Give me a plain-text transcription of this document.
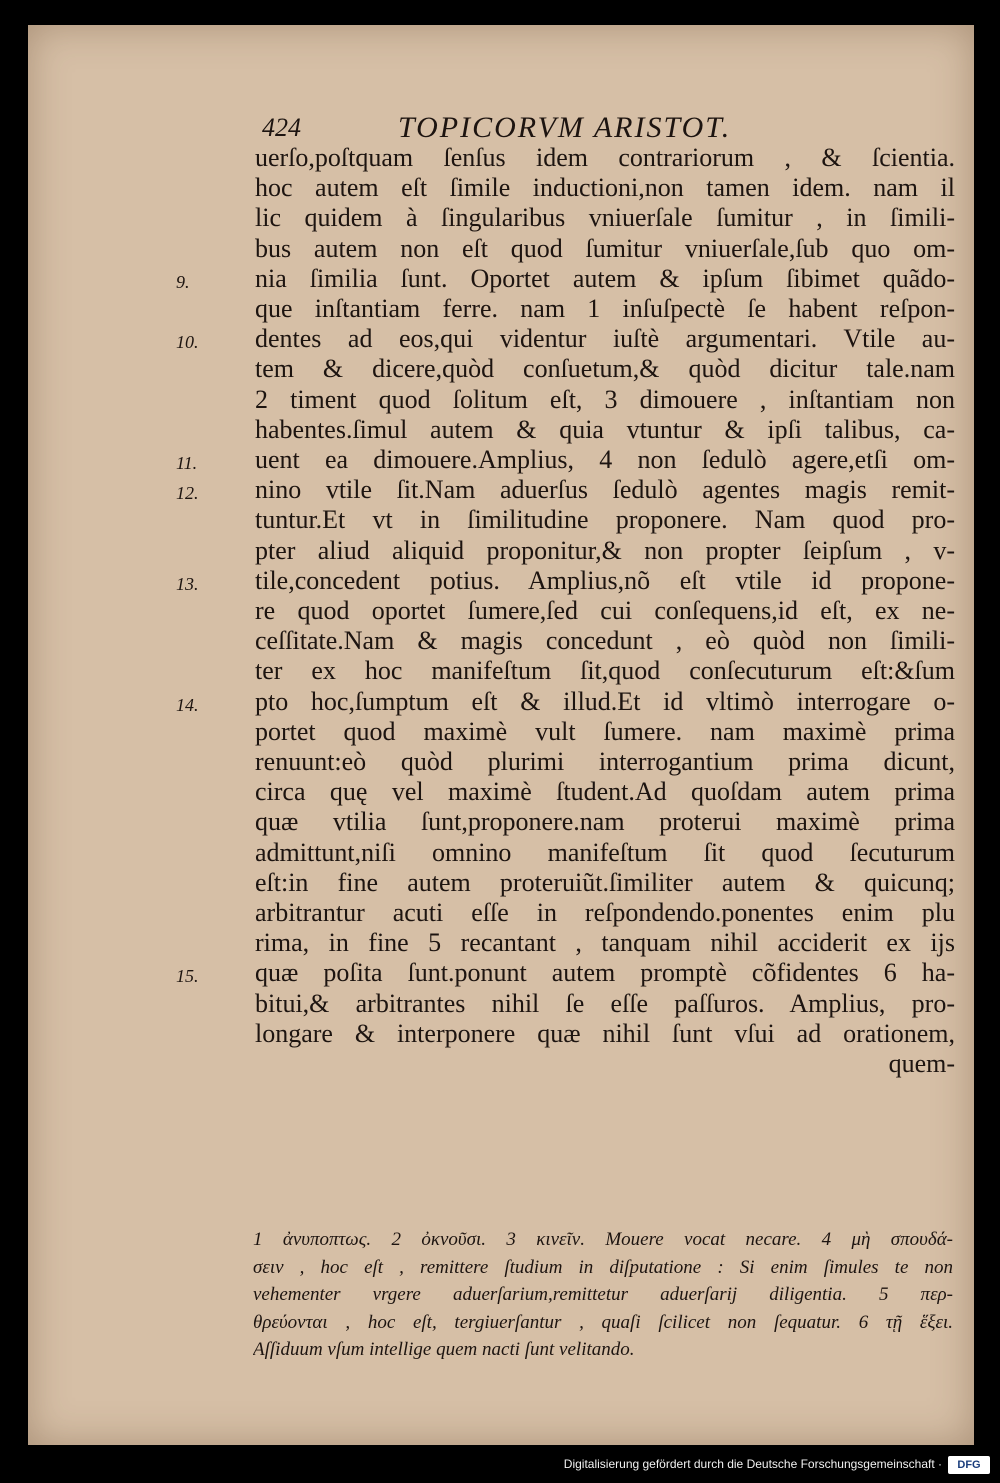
424	TOPICORVM ARISTOT.
9.
10.
11.
12.
13.
14.
15.
uerſo,poſtquam ſenſus idem contrariorum , & ſcientia.
hoc autem eſt ſimile inductioni,non tamen idem. nam il
lic quidem à ſingularibus vniuerſale ſumitur , in ſimili-
bus autem non eſt quod ſumitur vniuerſale,ſub quo om-
nia ſimilia ſunt. Oportet autem & ipſum ſibimet quãdo-
que inſtantiam ferre. nam 1 inſuſpectè ſe habent reſpon-
dentes ad eos,qui videntur iuſtè argumentari. Vtile au-
tem & dicere,quòd conſuetum,& quòd dicitur tale.nam
2 timent quod ſolitum eſt, 3 dimouere , inſtantiam non
habentes.ſimul autem & quia vtuntur & ipſi talibus, ca-
uent ea dimouere.Amplius, 4 non ſedulò agere,etſi om-
nino vtile ſit.Nam aduerſus ſedulò agentes magis remit-
tuntur.Et vt in ſimilitudine proponere. Nam quod pro-
pter aliud aliquid proponitur,& non propter ſeipſum , v-
tile,concedent potius. Amplius,nõ eſt vtile id propone-
re quod oportet ſumere,ſed cui conſequens,id eſt, ex ne-
ceſſitate.Nam & magis concedunt , eò quòd non ſimili-
ter ex hoc manifeſtum ſit,quod conſecuturum eſt:&ſum
pto hoc,ſumptum eſt & illud.Et id vltimò interrogare o-
portet quod maximè vult ſumere. nam maximè prima
renuunt:eò quòd plurimi interrogantium prima dicunt,
circa quę vel maximè ſtudent.Ad quoſdam autem prima
quæ vtilia ſunt,proponere.nam proterui maximè prima
admittunt,niſi omnino manifeſtum ſit quod ſecuturum
eſt:in fine autem proteruiũt.ſimiliter autem & quicunq;
arbitrantur acuti eſſe in reſpondendo.ponentes enim plu
rima, in fine 5 recantant , tanquam nihil acciderit ex ijs
quæ poſita ſunt.ponunt autem promptè cõfidentes 6 ha-
bitui,& arbitrantes nihil ſe eſſe paſſuros. Amplius, pro-
longare & interponere quæ nihil ſunt vſui ad orationem,
quem-
1 ἀνυποπτως. 2 ὀκνοῦσι. 3 κινεῖν. Mouere vocat necare. 4 μὴ σπουδά-
σειν , hoc eſt , remittere ſtudium in diſputatione : Si enim ſimules te non
vehementer vrgere aduerſarium,remittetur aduerſarij diligentia. 5 περ-
θρεύονται , hoc eſt, tergiuerſantur , quaſi ſcilicet non ſequatur. 6 τῇ ἕξει.
Aſſiduum vſum intellige quem nacti ſunt velitando.
Digitalisierung gefördert durch die Deutsche Forschungsgemeinschaft ·	DFG
